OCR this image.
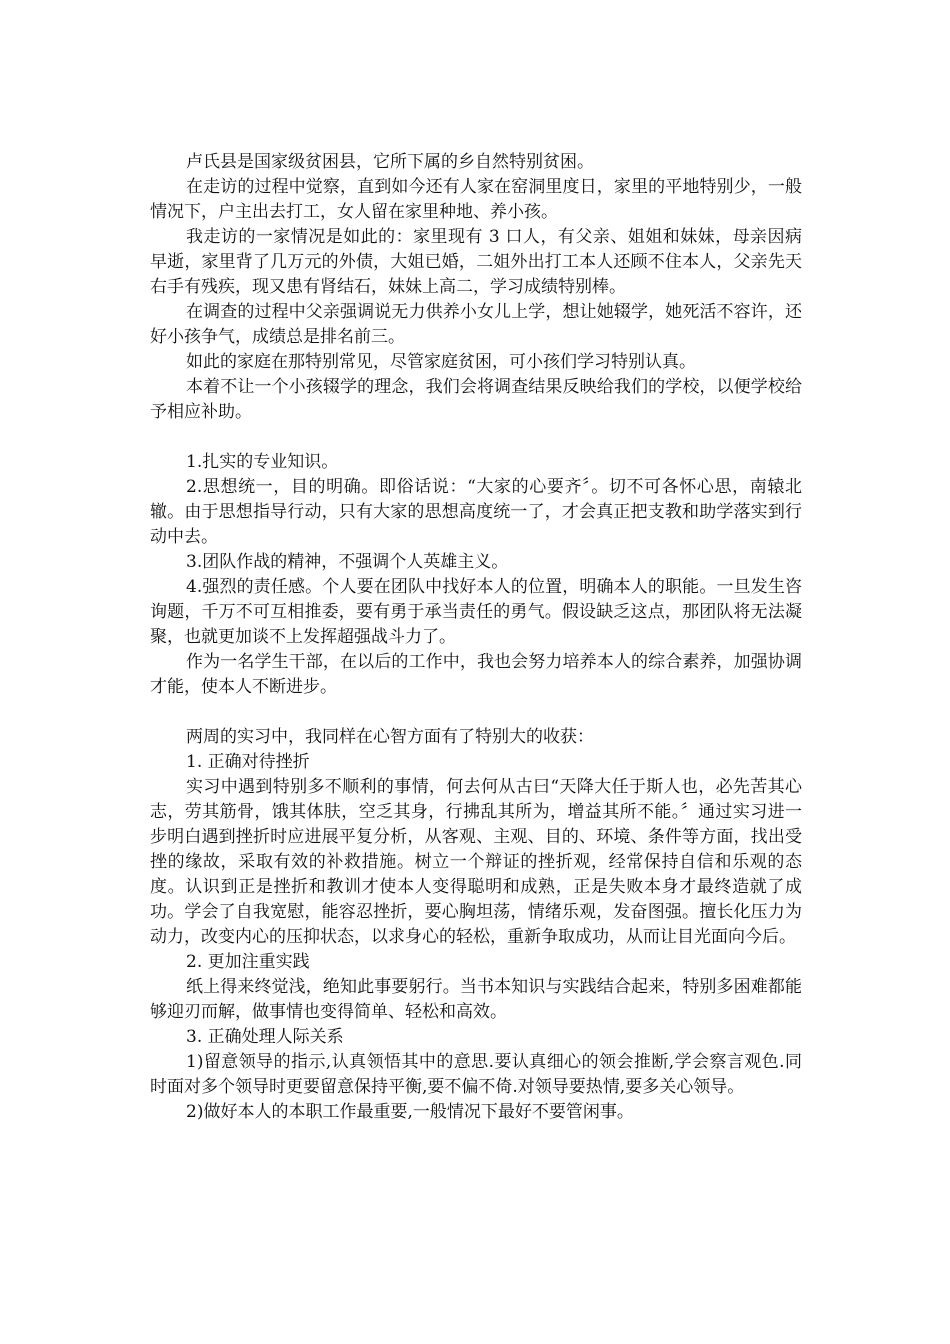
卢氏县是国家级贫困县，它所下属的乡自然特别贫困。

在走访的过程中觉察，直到如今还有人家在窑洞里度日，家里的平地特别少，一般情况下，户主出去打工，女人留在家里种地、养小孩。

我走访的一家情况是如此的：家里现有 3 口人，有父亲、姐姐和妹妹，母亲因病早逝，家里背了几万元的外债，大姐已婚，二姐外出打工本人还顾不住本人，父亲先天右手有残疾，现又患有肾结石，妹妹上高二，学习成绩特别棒。

在调查的过程中父亲强调说无力供养小女儿上学，想让她辍学，她死活不容许，还好小孩争气，成绩总是排名前三。

如此的家庭在那特别常见，尽管家庭贫困，可小孩们学习特别认真。

本着不让一个小孩辍学的理念，我们会将调查结果反映给我们的学校，以便学校给予相应补助。

1.扎实的专业知识。

2.思想统一，目的明确。即俗话说：“大家的心要齐〞。切不可各怀心思，南辕北辙。由于思想指导行动，只有大家的思想高度统一了，才会真正把支教和助学落实到行动中去。

3.团队作战的精神，不强调个人英雄主义。

4.强烈的责任感。个人要在团队中找好本人的位置，明确本人的职能。一旦发生咨询题，千万不可互相推委，要有勇于承当责任的勇气。假设缺乏这点，那团队将无法凝聚，也就更加谈不上发挥超强战斗力了。

作为一名学生干部，在以后的工作中，我也会努力培养本人的综合素养，加强协调才能，使本人不断进步。

两周的实习中，我同样在心智方面有了特别大的收获：

1. 正确对待挫折

实习中遇到特别多不顺利的事情，何去何从古曰“天降大任于斯人也，必先苦其心志，劳其筋骨，饿其体肤，空乏其身，行拂乱其所为，增益其所不能。〞通过实习进一步明白遇到挫折时应进展平复分析，从客观、主观、目的、环境、条件等方面，找出受挫的缘故，采取有效的补救措施。树立一个辩证的挫折观，经常保持自信和乐观的态度。认识到正是挫折和教训才使本人变得聪明和成熟，正是失败本身才最终造就了成功。学会了自我宽慰，能容忍挫折，要心胸坦荡，情绪乐观，发奋图强。擅长化压力为动力，改变内心的压抑状态，以求身心的轻松，重新争取成功，从而让目光面向今后。

2. 更加注重实践

纸上得来终觉浅，绝知此事要躬行。当书本知识与实践结合起来，特别多困难都能够迎刃而解，做事情也变得简单、轻松和高效。

3. 正确处理人际关系

1)留意领导的指示,认真领悟其中的意思.要认真细心的领会推断,学会察言观色.同时面对多个领导时更要留意保持平衡,要不偏不倚.对领导要热情,要多关心领导。

2)做好本人的本职工作最重要,一般情况下最好不要管闲事。
